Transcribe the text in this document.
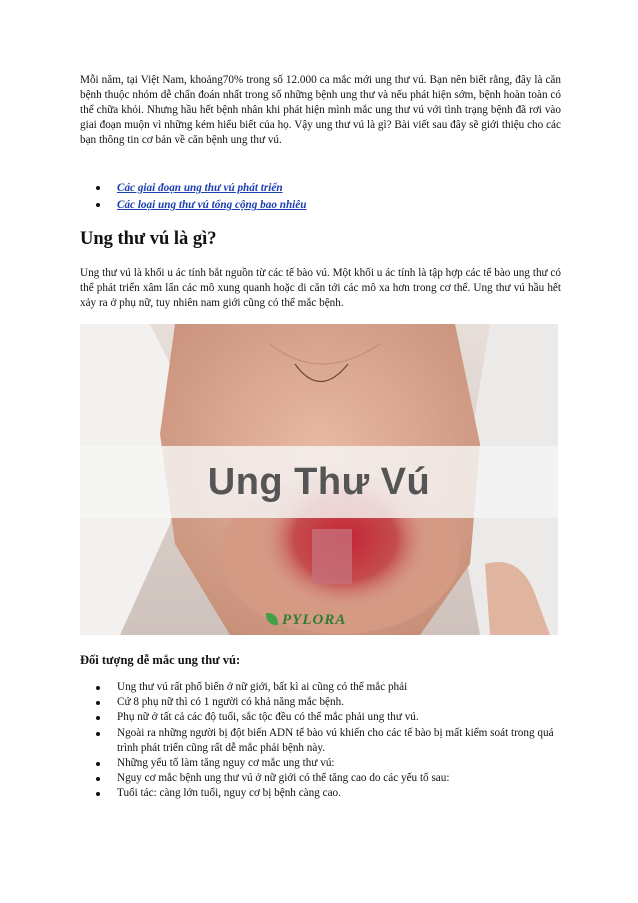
Mỗi năm, tại Việt Nam, khoảng70% trong số 12.000 ca mắc mới ung thư vú. Bạn nên biết rằng, đây là căn bệnh thuộc nhóm dễ chẩn đoán nhất trong số những bệnh ung thư và nếu phát hiện sớm, bệnh hoàn toàn có thể chữa khỏi. Nhưng hầu hết bệnh nhân khi phát hiện mình mắc ung thư vú với tình trạng bệnh đã rơi vào giai đoạn muộn vì những kém hiểu biết của họ. Vậy ung thư vú là gì? Bài viết sau đây sẽ giới thiệu cho các bạn thông tin cơ bản về căn bệnh ung thư vú.

Các giai đoạn ung thư vú phát triển
Các loại ung thư vú tổng cộng bao nhiêu
Ung thư vú là gì?

Ung thư vú là khối u ác tính bắt nguồn từ các tế bào vú. Một khối u ác tính là tập hợp các tế bào ung thư có thể phát triển xâm lấn các mô xung quanh hoặc di căn tới các mô xa hơn trong cơ thể. Ung thư vú hầu hết xảy ra ở phụ nữ, tuy nhiên nam giới cũng có thể mắc bệnh.

Ung Thư Vú
PYLORA
Đối tượng dễ mắc ung thư vú:
Ung thư vú rất phổ biến ở nữ giới, bất kì ai cũng có thể mắc phải
Cứ 8 phụ nữ thì có 1 người có khả năng mắc bệnh.
Phụ nữ ở tất cả các độ tuổi, sắc tộc đều có thể mắc phải ung thư vú.
Ngoài ra những người bị đột biến ADN tế bào vú khiến cho các tế bào bị mất kiểm soát trong quá trình phát triển cũng rất dễ mắc phải bệnh này.
Những yếu tố làm tăng nguy cơ mắc ung thư vú:
Nguy cơ mắc bệnh ung thư vú ở nữ giới có thể tăng cao do các yếu tố sau:
Tuổi tác: càng lớn tuổi, nguy cơ bị bệnh càng cao.
